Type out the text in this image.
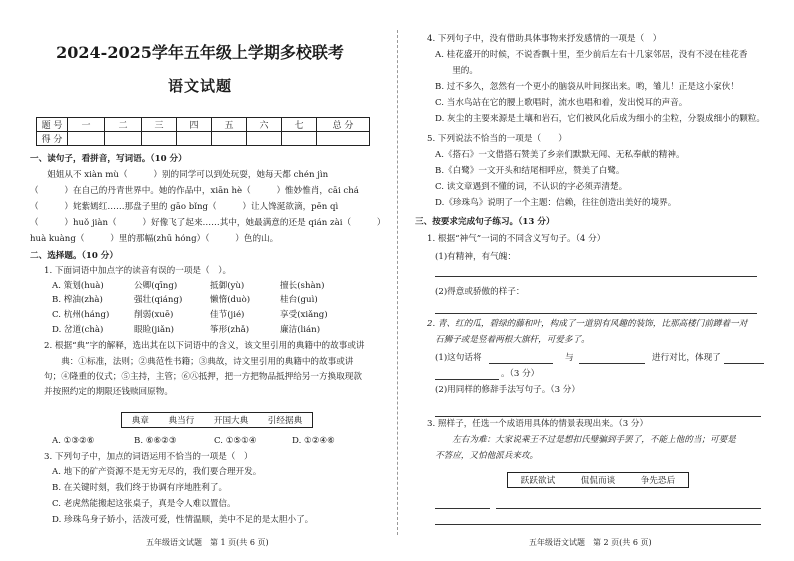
2024-2025学年五年级上学期多校联考
语文试题
题 号	一	二	三	四	五	六	七	总 分
得 分								
一、读句子，看拼音，写词语。（10 分）
　　姐姐从不 xiàn mù（　　　）别的同学可以到处玩耍，她每天都 chén jìn
（　　　）在自己的丹青世界中。她的作品中，xiān hè（　　　）惟妙惟肖，cāi chá
（　　　）姹紫嫣红……那盘子里的 gāo bǐng（　　　）让人馋涎欲滴，pēn qì
（　　　）huǒ jiàn（　　　）好像飞了起来……其中，她最满意的还是 qián zài（　　　）
huà kuàng（　　　）里的那幅(zhū hóng）（　　　）色的山。
二、选择题。（10 分）
1. 下面词语中加点字的读音有误的一项是（　）。
A. 策划(huà)	公卿(qīng)	抵御(yù)	擅长(shàn)
B. 榨油(zhà)	强壮(qiáng)	懒惰(duò)	桂台(guì)
C. 杭州(háng)	削弱(xuē)	佳节(jié)	享受(xiǎng)
D. 岔道(chà)	眼睑(jiǎn)	筝形(zhǎ)	廉洁(lián)
2. 根据“典”字的解释，选出其在以下词语中的含义，该文里引用的典籍中的故事或讲
　　典：①标准，法则；②典范性书籍；③典故，诗文里引用的典籍中的故事或讲
句；④隆重的仪式；⑤主持，主管；⑥㊇抵押，把一方把物品抵押给另一方换取现款
并按照约定的期限还钱赎回原物。
典章 典当行 开国大典 引经据典
A. ①③②⑥	B. ⑥⑥②③	C. ①⑤①④	D. ①②④⑥
3. 下列句子中，加点的词语运用不恰当的一项是（　）
A. 地下的矿产资源不是无穷无尽的，我们要合理开发。
B. 在关键时刻，我们终于协调有序地胜利了。
C. 老虎然能搬起这张桌子，真是令人难以置信。
D. 珍珠鸟身子娇小，活泼可爱，性情温顺，美中不足的是太胆小了。
五年级语文试题　第 1 页(共 6 页)
4. 下列句子中，没有借助具体事物来抒发感情的一项是（　）
A. 桂花盛开的时候，不说香飘十里，至少前后左右十几家邻居，没有不浸在桂花香
　　里的。
B. 过不多久，忽然有一个更小的脑袋从叶间探出来。哟，雏儿！正是这小家伙！
C. 当水鸟站在它的腰上歌唱时，流水也唱和着，发出悦耳的声音。
D. 灰尘的主要来源是土壤和岩石，它们被风化后成为细小的尘粒，分裂成细小的颗粒。
5. 下列说法不恰当的一项是（　　）
A.《搭石》一文借搭石赞美了乡亲们默默无闻、无私奉献的精神。
B.《白鹭》一文开头和结尾相呼应，赞美了白鹭。
C. 读文章遇到不懂的词，不认识的字必须弄清楚。
D.《珍珠鸟》说明了一个主题：信赖，往往创造出美好的境界。
三、按要求完成句子练习。（13 分）
1. 根据“神气”一词的不同含义写句子。（4 分）
(1)有精神，有气魄：
(2)得意或骄傲的样子：
2. 青、红的瓜，碧绿的藤和叶，构成了一道别有风趣的装饰，比那高楼门前蹲着一对
石狮子或是竖着两根大旗杆，可爱多了。
(1)这句话将	与	进行对比，体现了
。（3 分）
(2)用同样的修辞手法写句子。（3 分）
3. 照样子，任选一个成语用具体的情景表现出来。（3 分）
　　左右为难：大家说乘王不过是想扣氏璧骗到手罢了，不能上他的当；可要是
不答应，又怕他派兵来攻。
跃跃欲试	侃侃而谈	争先恐后
五年级语文试题　第 2 页(共 6 页)
